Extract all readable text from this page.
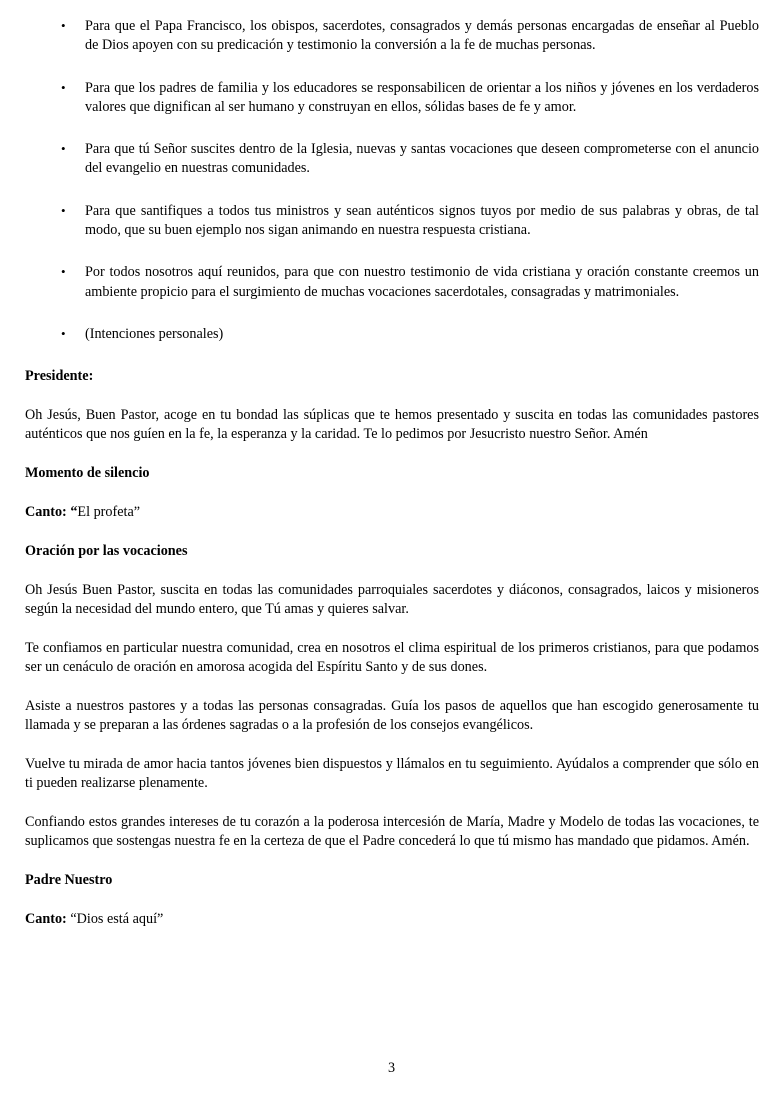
• Para que el Papa Francisco, los obispos, sacerdotes, consagrados y demás personas encargadas de enseñar al Pueblo de Dios apoyen con su predicación y testimonio la conversión a la fe de muchas personas.
• Para que los padres de familia y los educadores se responsabilicen de orientar a los niños y jóvenes en los verdaderos valores que dignifican al ser humano y construyan en ellos, sólidas bases de fe y amor.
• Para que tú Señor suscites dentro de la Iglesia, nuevas y santas vocaciones que deseen comprometerse con el anuncio del evangelio en nuestras comunidades.
• Para que santifiques a todos tus ministros y sean auténticos signos tuyos por medio de sus palabras y obras, de tal modo, que su buen ejemplo nos sigan animando en nuestra respuesta cristiana.
• Por todos nosotros aquí reunidos, para que con nuestro testimonio de vida cristiana y oración constante creemos un ambiente propicio para el surgimiento de muchas vocaciones sacerdotales, consagradas y matrimoniales.
• (Intenciones personales)
Presidente:

Oh Jesús, Buen Pastor, acoge en tu bondad las súplicas que te hemos presentado y suscita en todas las comunidades pastores auténticos que nos guíen en la fe, la esperanza y la caridad. Te lo pedimos por Jesucristo nuestro Señor. Amén

Momento de silencio

Canto: “El profeta”

Oración por las vocaciones

Oh Jesús Buen Pastor, suscita en todas las comunidades parroquiales sacerdotes y diáconos, consagrados, laicos y misioneros según la necesidad del mundo entero, que Tú amas y quieres salvar.

Te confiamos en particular nuestra comunidad, crea en nosotros el clima espiritual de los primeros cristianos, para que podamos ser un cenáculo de oración en amorosa acogida del Espíritu Santo y de sus dones.

Asiste a nuestros pastores y a todas las personas consagradas. Guía los pasos de aquellos que han escogido generosamente tu llamada y se preparan a las órdenes sagradas o a la profesión de los consejos evangélicos.

Vuelve tu mirada de amor hacia tantos jóvenes bien dispuestos y llámalos en tu seguimiento. Ayúdalos a comprender que sólo en ti pueden realizarse plenamente.

Confiando estos grandes intereses de tu corazón a la poderosa intercesión de María, Madre y Modelo de todas las vocaciones, te suplicamos que sostengas nuestra fe en la certeza de que el Padre concederá lo que tú mismo has mandado que pidamos. Amén.

Padre Nuestro

Canto: “Dios está aquí”

3
